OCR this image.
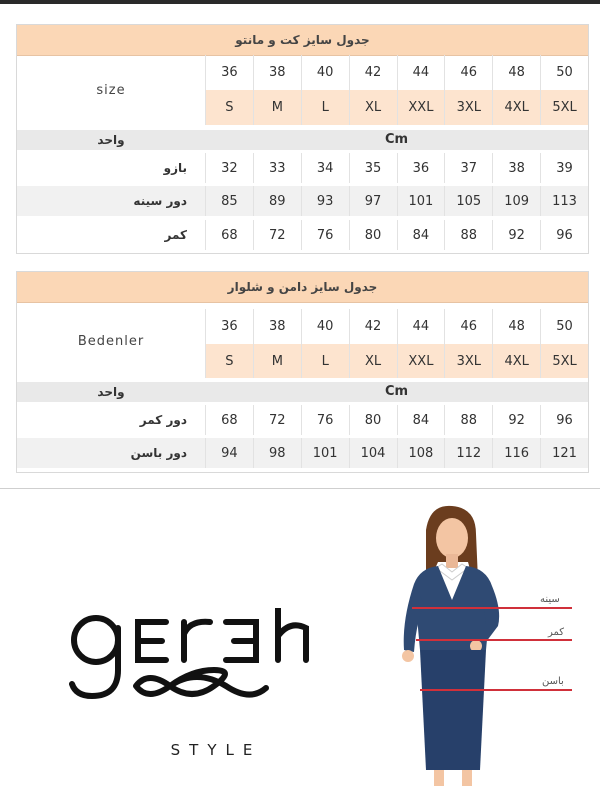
جدول سایز کت و مانتو
size
36	38	40	42	44	46	48	50
S	M	L	XL	XXL	3XL	4XL	5XL
واحد	Cm
بازو	32	33	34	35	36	37	38	39
دور سینه	85	89	93	97	101	105	109	113
کمر	68	72	76	80	84	88	92	96
جدول سایز دامن و شلوار
Bedenler
36	38	40	42	44	46	48	50
S	M	L	XL	XXL	3XL	4XL	5XL
واحد	Cm
دور کمر	68	72	76	80	84	88	92	96
دور باسن	94	98	101	104	108	112	116	121
STYLE
سینه
کمر
باسن
